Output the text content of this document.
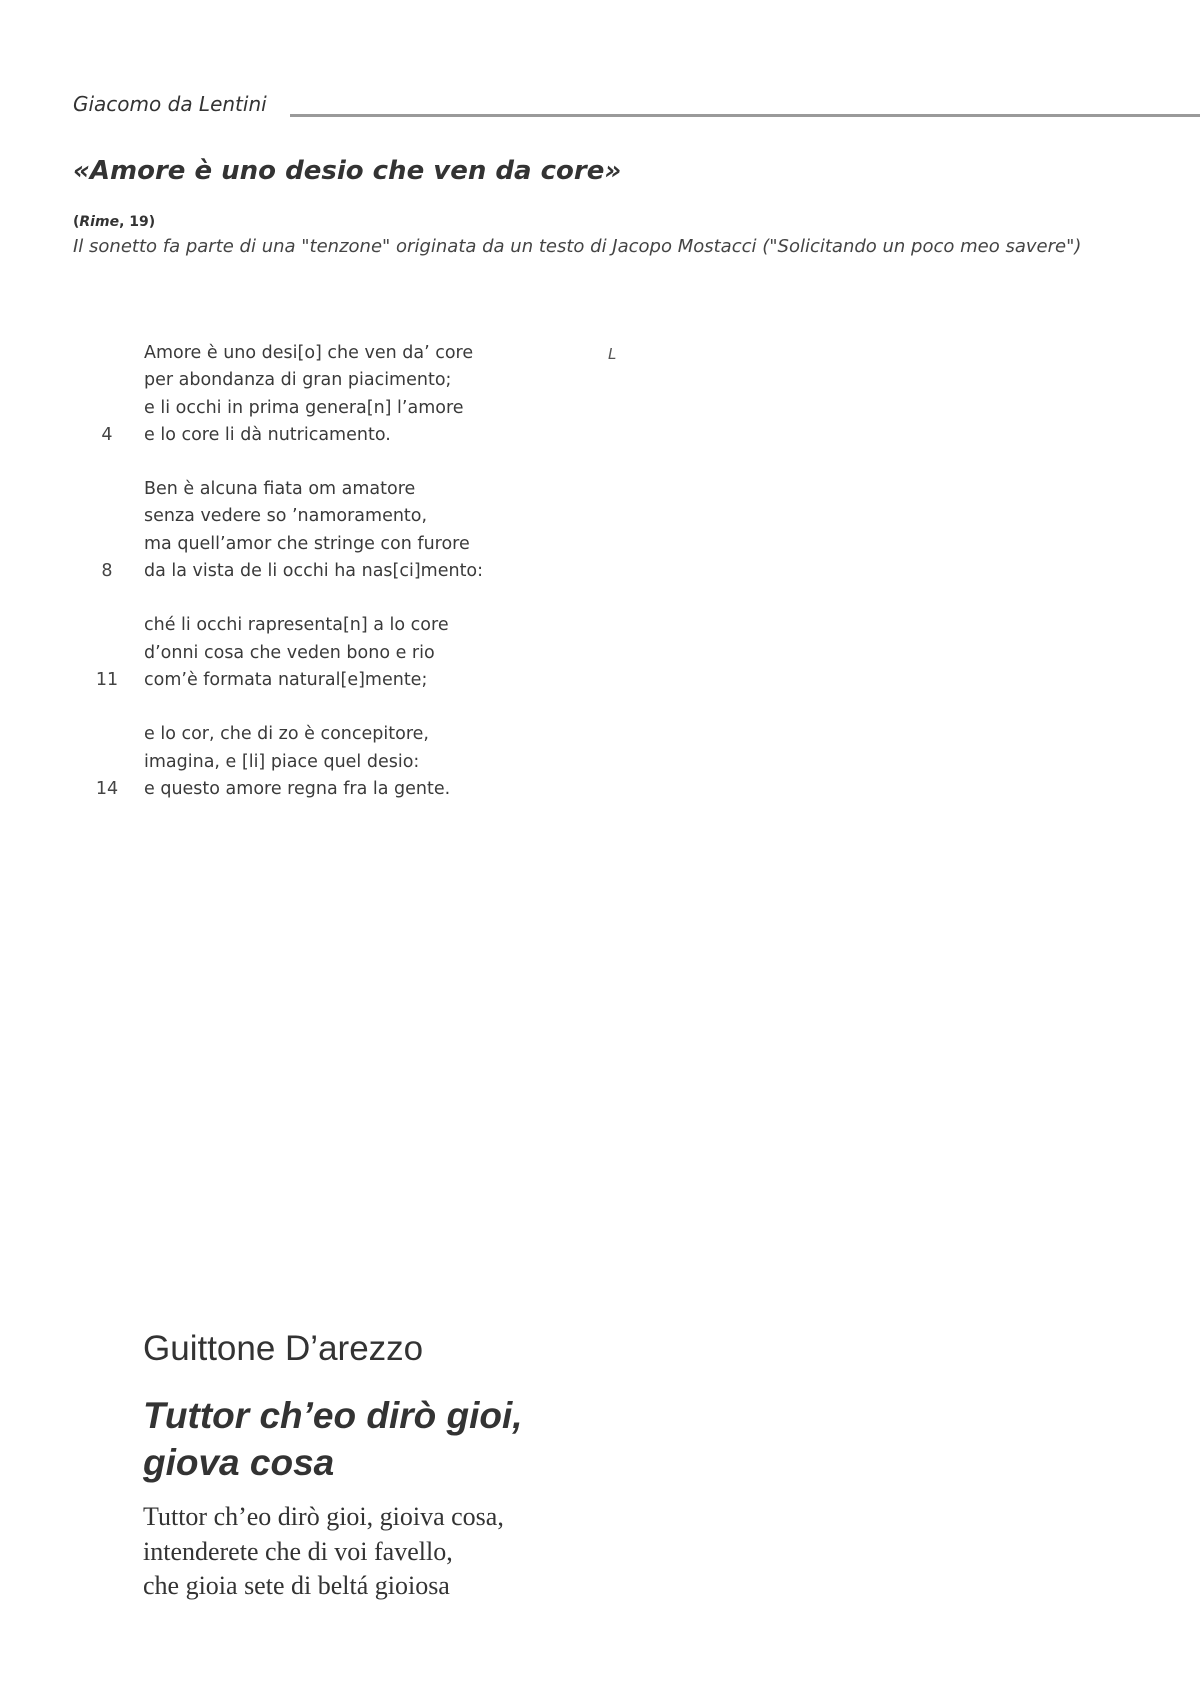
Giacomo da Lentini
«Amore è uno desio che ven da core»
(Rime, 19)
Il sonetto fa parte di una "tenzone" originata da un testo di Jacopo Mostacci ("Solicitando un poco meo savere")
L
Amore è uno desi[o] che ven da’ core
per abondanza di gran piacimento;
e li occhi in prima genera[n] l’amore
4	e lo core li dà nutricamento.
Ben è alcuna fiata om amatore
senza vedere so ’namoramento,
ma quell’amor che stringe con furore
8	da la vista de li occhi ha nas[ci]mento:
ché li occhi rapresenta[n] a lo core
d’onni cosa che veden bono e rio
11 com’è formata natural[e]mente;
e lo cor, che di zo è concepitore,
imagina, e [li] piace quel desio:
14 e questo amore regna fra la gente.
Guittone D’arezzo
Tuttor ch’eo dirò gioi,
giova cosa
Tuttor ch’eo dirò gioi, gioiva cosa,
intenderete che di voi favello,
che gioia sete di beltá gioiosa
